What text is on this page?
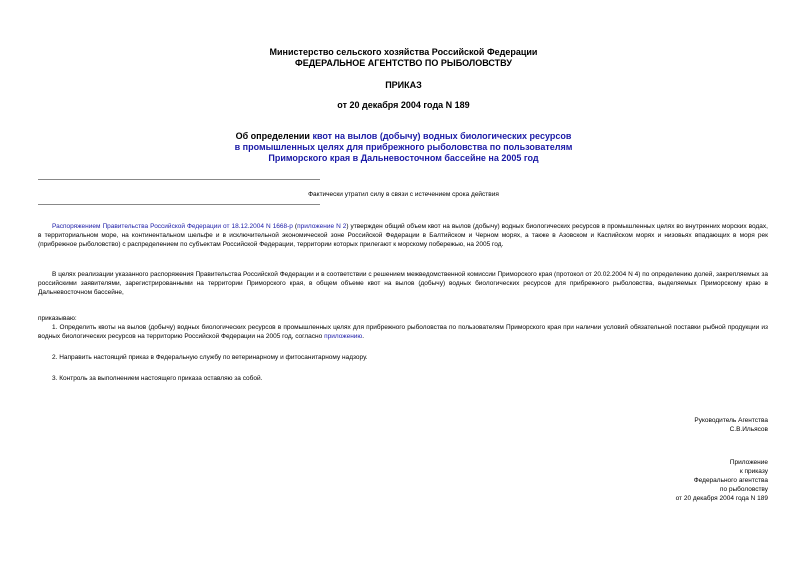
Министерство сельского хозяйства Российской Федерации
ФЕДЕРАЛЬНОЕ АГЕНТСТВО ПО РЫБОЛОВСТВУ
ПРИКАЗ
от 20 декабря 2004 года N 189
Об определении квот на вылов (добычу) водных биологических ресурсов
в промышленных целях для прибрежного рыболовства по пользователям
Приморского края в Дальневосточном бассейне на 2005 год
Фактически утратил силу в связи с истечением срока действия
Распоряжением Правительства Российской Федерации от 18.12.2004 N 1668-р (приложение N 2) утвержден общий объем квот на вылов (добычу) водных биологических ресурсов в промышленных целях во внутренних морских водах, в территориальном море, на континентальном шельфе и в исключительной экономической зоне Российской Федерации в Балтийском и Черном морях, а также в Азовском и Каспийском морях и низовьях впадающих в моря рек (прибрежное рыболовство) с распределением по субъектам Российской Федерации, территории которых прилегают к морскому побережью, на 2005 год.
В целях реализации указанного распоряжения Правительства Российской Федерации и в соответствии с решением межведомственной комиссии Приморского края (протокол от 20.02.2004 N 4) по определению долей, закрепляемых за российскими заявителями, зарегистрированными на территории Приморского края, в общем объеме квот на вылов (добычу) водных биологических ресурсов для прибрежного рыболовства, выделяемых Приморскому краю в Дальневосточном бассейне,
приказываю:
1. Определить квоты на вылов (добычу) водных биологических ресурсов в промышленных целях для прибрежного рыболовства по пользователям Приморского края при наличии условий обязательной поставки рыбной продукции из водных биологических ресурсов на территорию Российской Федерации на 2005 год, согласно приложению.
2. Направить настоящий приказ в Федеральную службу по ветеринарному и фитосанитарному надзору.
3. Контроль за выполнением настоящего приказа оставляю за собой.
Руководитель Агентства
С.В.Ильясов
Приложение
к приказу
Федерального агентства
по рыболовству
от 20 декабря 2004 года N 189
